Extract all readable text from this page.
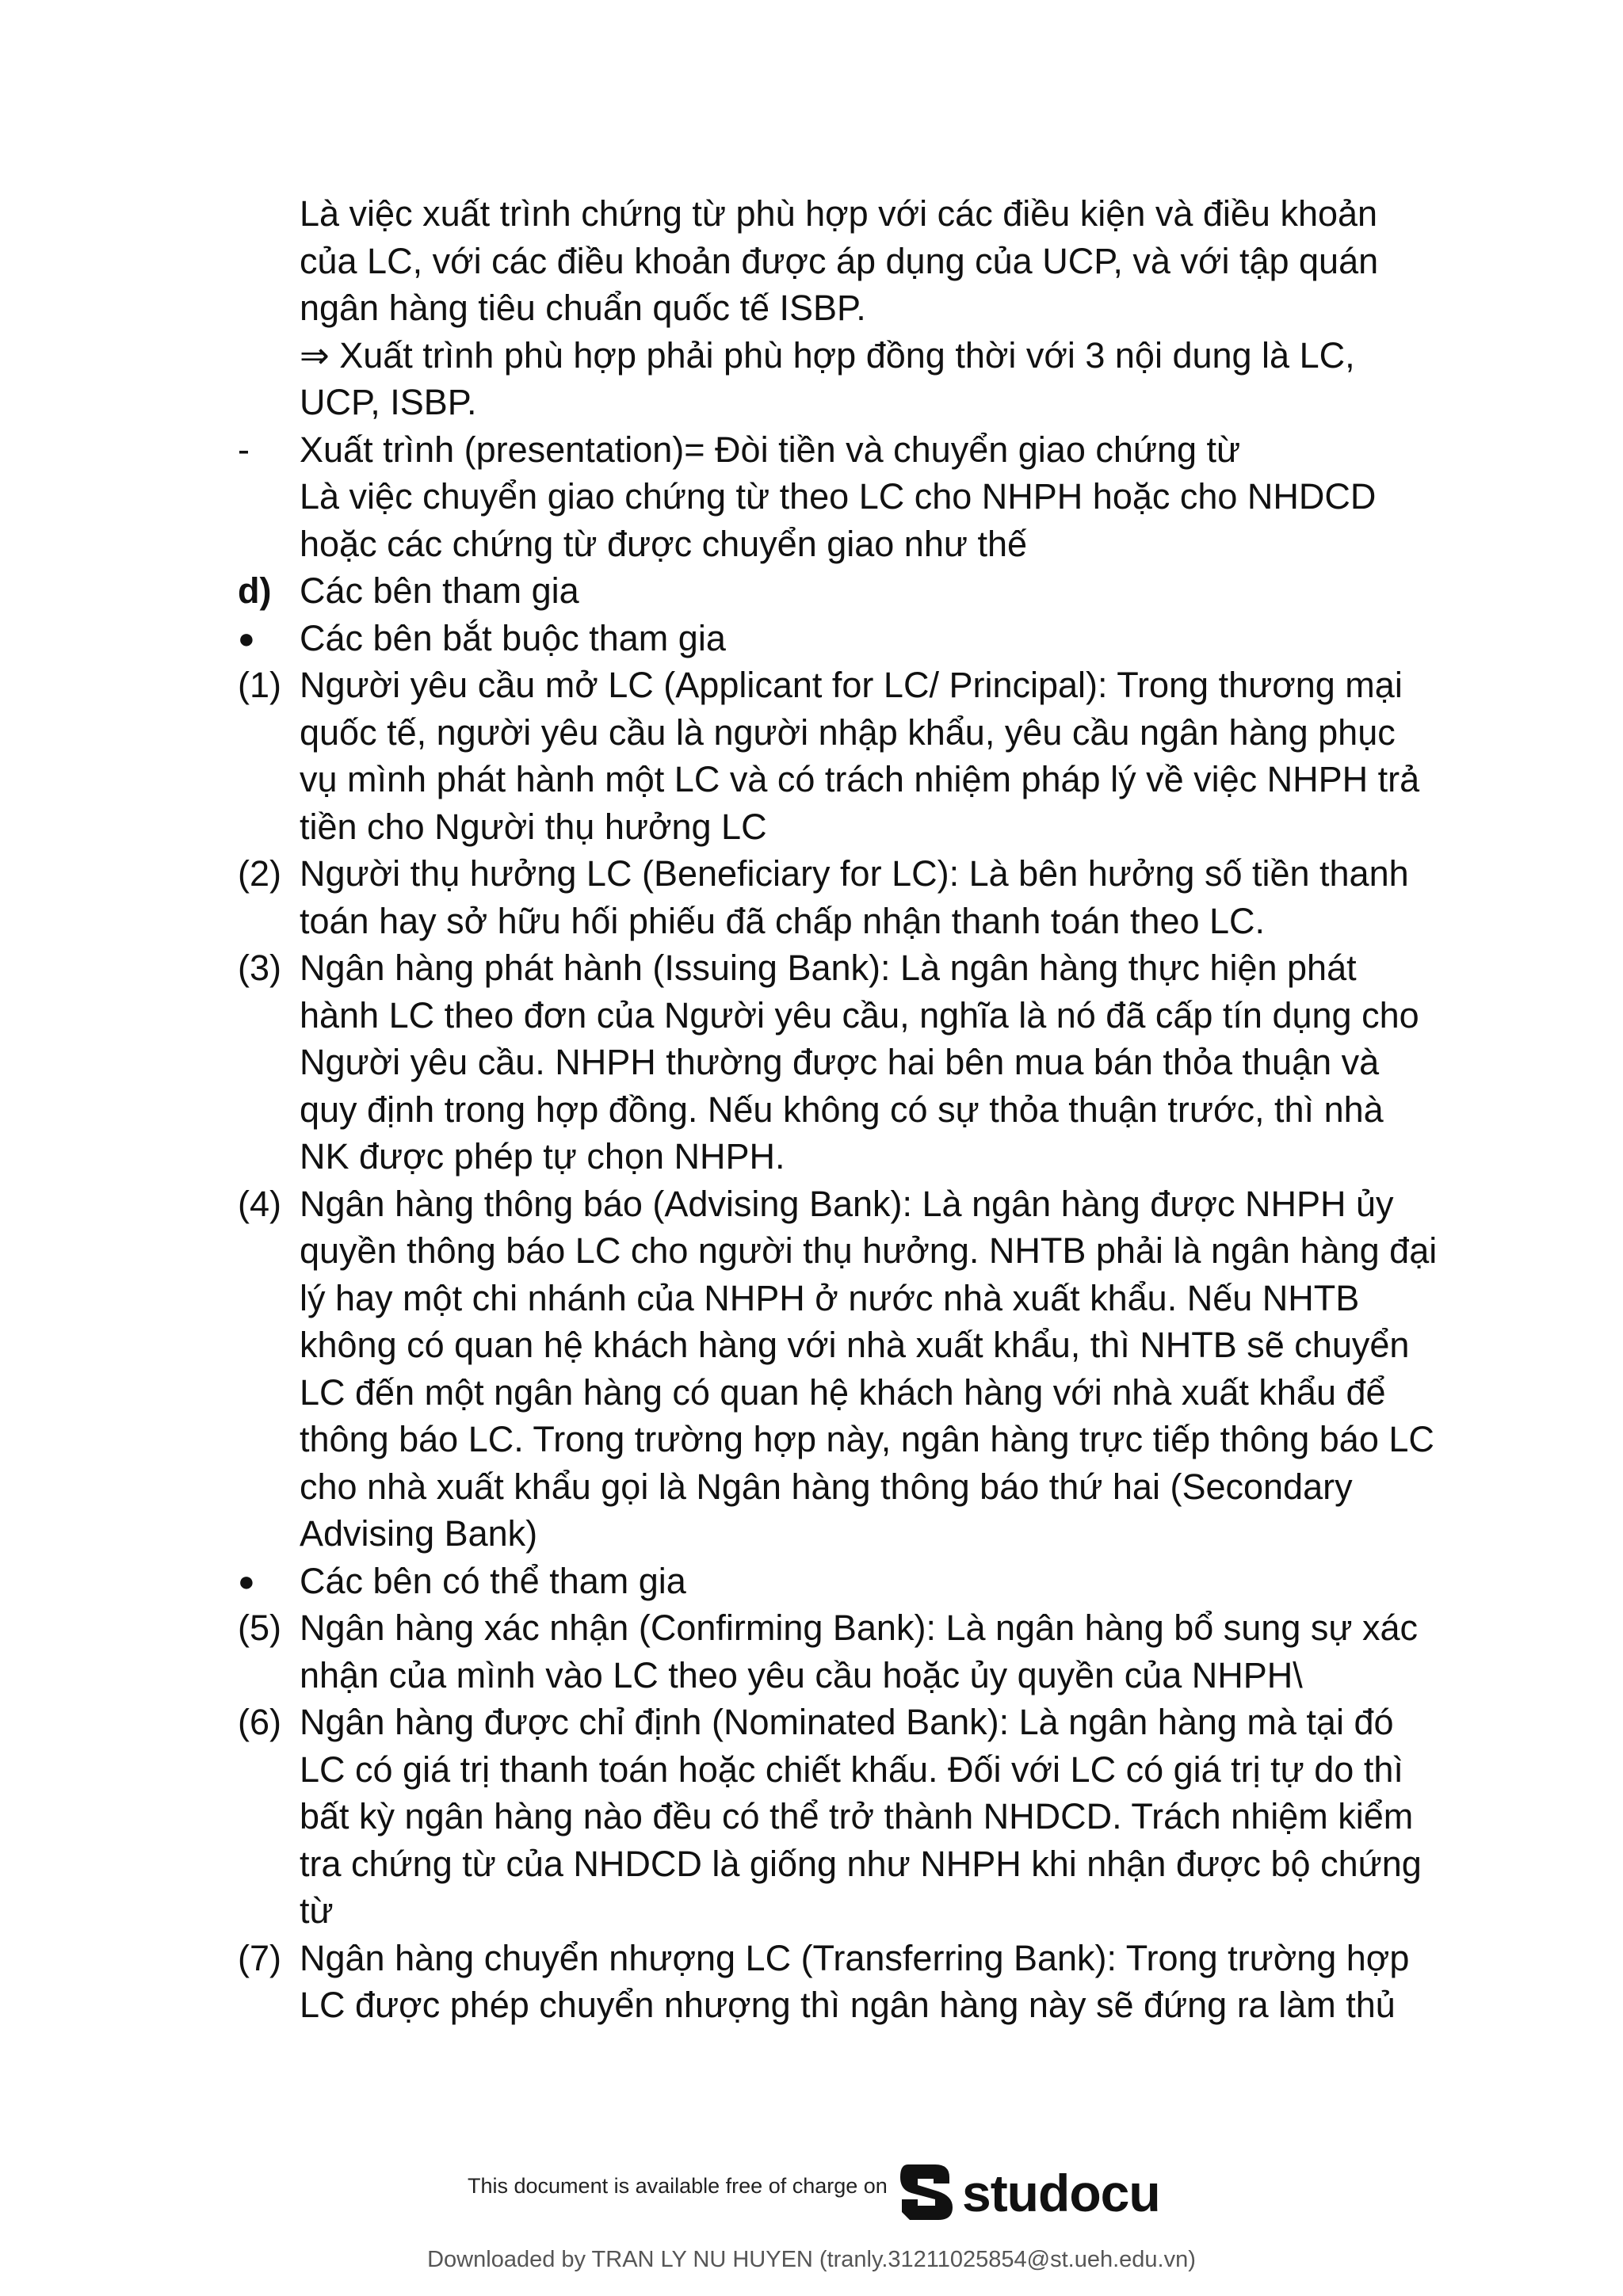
Là việc xuất trình chứng từ phù hợp với các điều kiện và điều khoản
của LC, với các điều khoản được áp dụng của UCP, và với tập quán
ngân hàng tiêu chuẩn quốc tế ISBP.
⇒ Xuất trình phù hợp phải phù hợp đồng thời với 3 nội dung là LC,
UCP, ISBP.
-	Xuất trình (presentation)= Đòi tiền và chuyển giao chứng từ
Là việc chuyển giao chứng từ theo LC cho NHPH hoặc cho NHDCD
hoặc các chứng từ được chuyển giao như thế
d) Các bên tham gia
●	Các bên bắt buộc tham gia
(1) Người yêu cầu mở LC (Applicant for LC/ Principal): Trong thương mại
quốc tế, người yêu cầu là người nhập khẩu, yêu cầu ngân hàng phục
vụ mình phát hành một LC và có trách nhiệm pháp lý về việc NHPH trả
tiền cho Người thụ hưởng LC
(2) Người thụ hưởng LC (Beneficiary for LC): Là bên hưởng số tiền thanh
toán hay sở hữu hối phiếu đã chấp nhận thanh toán theo LC.
(3) Ngân hàng phát hành (Issuing Bank): Là ngân hàng thực hiện phát
hành LC theo đơn của Người yêu cầu, nghĩa là nó đã cấp tín dụng cho
Người yêu cầu. NHPH thường được hai bên mua bán thỏa thuận và
quy định trong hợp đồng. Nếu không có sự thỏa thuận trước, thì nhà
NK được phép tự chọn NHPH.
(4) Ngân hàng thông báo (Advising Bank): Là ngân hàng được NHPH ủy
quyền thông báo LC cho người thụ hưởng. NHTB phải là ngân hàng đại
lý hay một chi nhánh của NHPH ở nước nhà xuất khẩu. Nếu NHTB
không có quan hệ khách hàng với nhà xuất khẩu, thì NHTB sẽ chuyển
LC đến một ngân hàng có quan hệ khách hàng với nhà xuất khẩu để
thông báo LC. Trong trường hợp này, ngân hàng trực tiếp thông báo LC
cho nhà xuất khẩu gọi là Ngân hàng thông báo thứ hai (Secondary
Advising Bank)
●	Các bên có thể tham gia
(5) Ngân hàng xác nhận (Confirming Bank): Là ngân hàng bổ sung sự xác
nhận của mình vào LC theo yêu cầu hoặc ủy quyền của NHPH\
(6) Ngân hàng được chỉ định (Nominated Bank): Là ngân hàng mà tại đó
LC có giá trị thanh toán hoặc chiết khấu. Đối với LC có giá trị tự do thì
bất kỳ ngân hàng nào đều có thể trở thành NHDCD. Trách nhiệm kiểm
tra chứng từ của NHDCD là giống như NHPH khi nhận được bộ chứng
từ
(7) Ngân hàng chuyển nhượng LC (Transferring Bank): Trong trường hợp
LC được phép chuyển nhượng thì ngân hàng này sẽ đứng ra làm thủ
This document is available free of charge on studocu
Downloaded by TRAN LY NU HUYEN (tranly.31211025854@st.ueh.edu.vn)
